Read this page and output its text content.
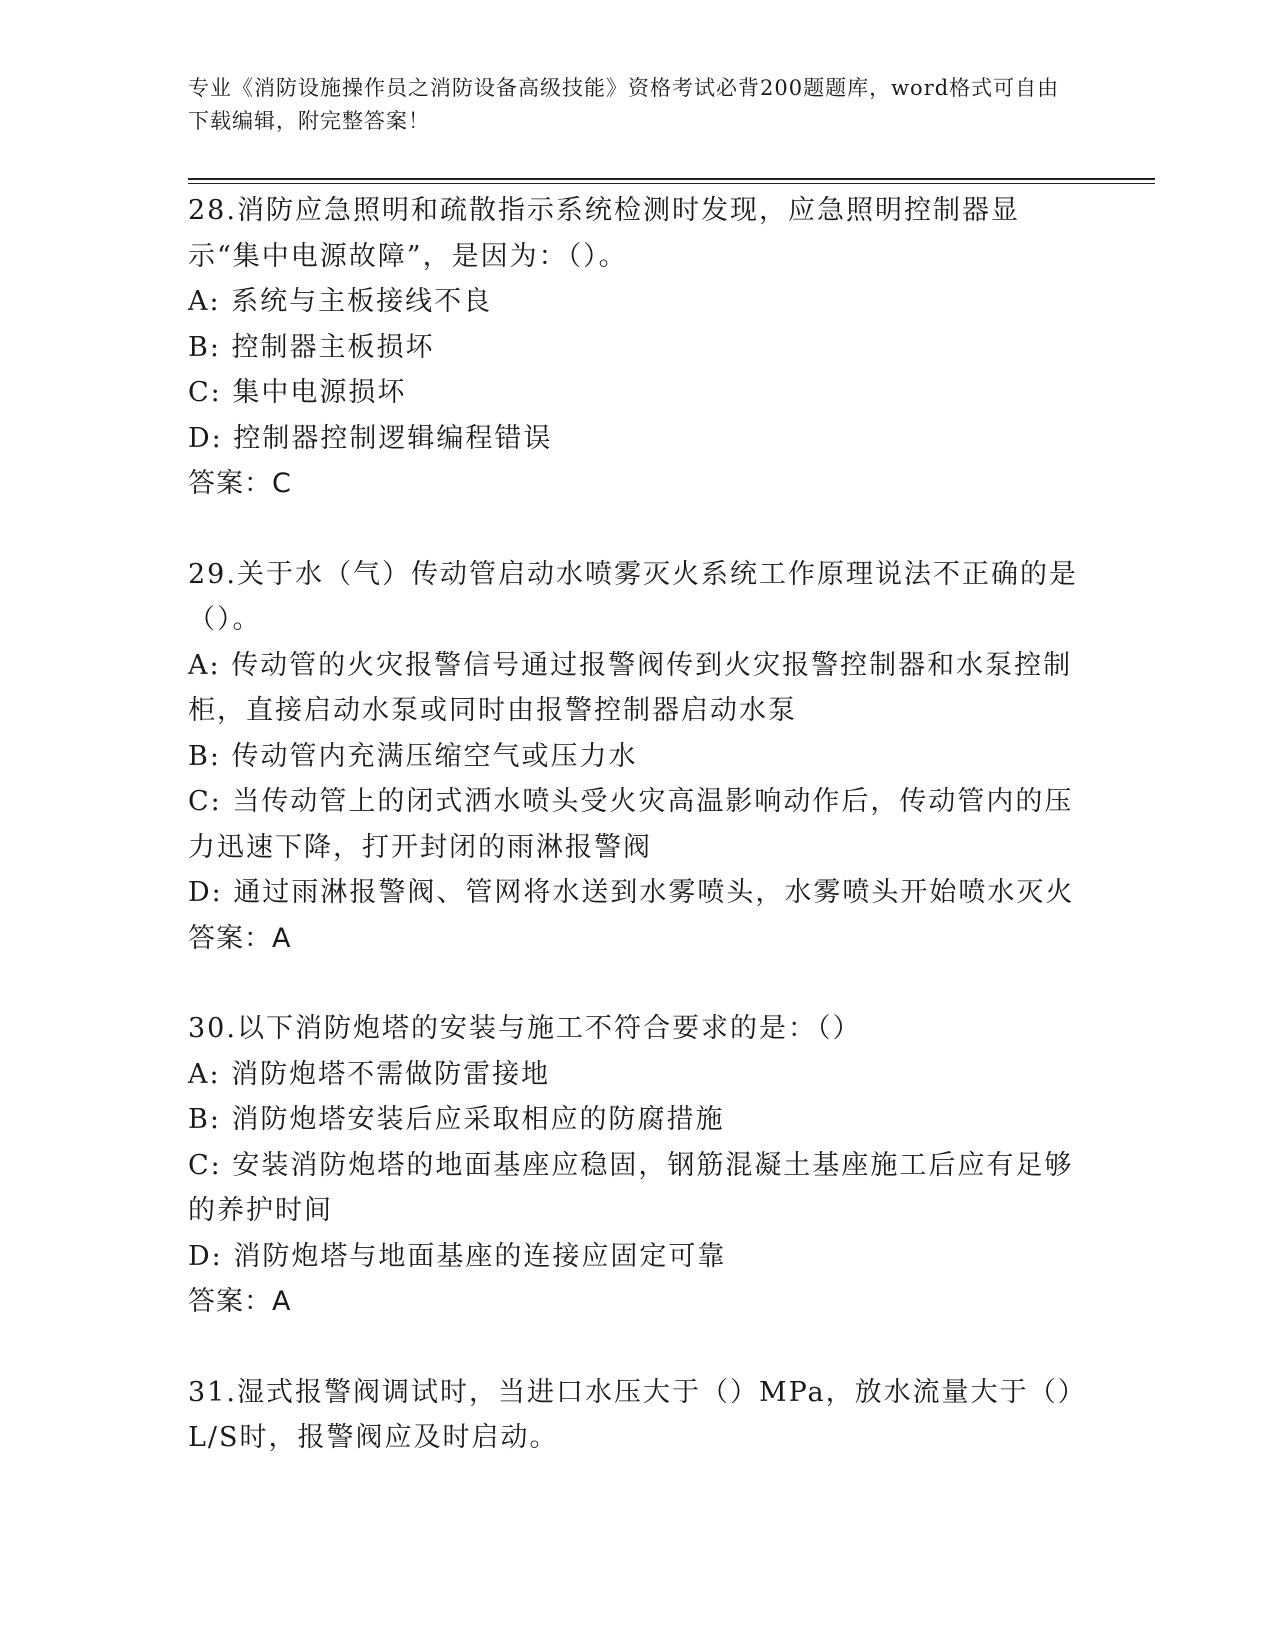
专业《消防设施操作员之消防设备高级技能》资格考试必背200题题库，word格式可自由下载编辑，附完整答案！

28.消防应急照明和疏散指示系统检测时发现，应急照明控制器显示“集中电源故障”，是因为：（）。

A: 系统与主板接线不良

B: 控制器主板损坏

C: 集中电源损坏

D: 控制器控制逻辑编程错误

答案：C

29.关于水（气）传动管启动水喷雾灭火系统工作原理说法不正确的是（）。

A: 传动管的火灾报警信号通过报警阀传到火灾报警控制器和水泵控制柜，直接启动水泵或同时由报警控制器启动水泵

B: 传动管内充满压缩空气或压力水

C: 当传动管上的闭式洒水喷头受火灾高温影响动作后，传动管内的压力迅速下降，打开封闭的雨淋报警阀

D: 通过雨淋报警阀、管网将水送到水雾喷头，水雾喷头开始喷水灭火

答案：A

30.以下消防炮塔的安装与施工不符合要求的是：（）

A: 消防炮塔不需做防雷接地

B: 消防炮塔安装后应采取相应的防腐措施

C: 安装消防炮塔的地面基座应稳固，钢筋混凝土基座施工后应有足够的养护时间

D: 消防炮塔与地面基座的连接应固定可靠

答案：A

31.湿式报警阀调试时，当进口水压大于（）MPa，放水流量大于（）L/S时，报警阀应及时启动。
